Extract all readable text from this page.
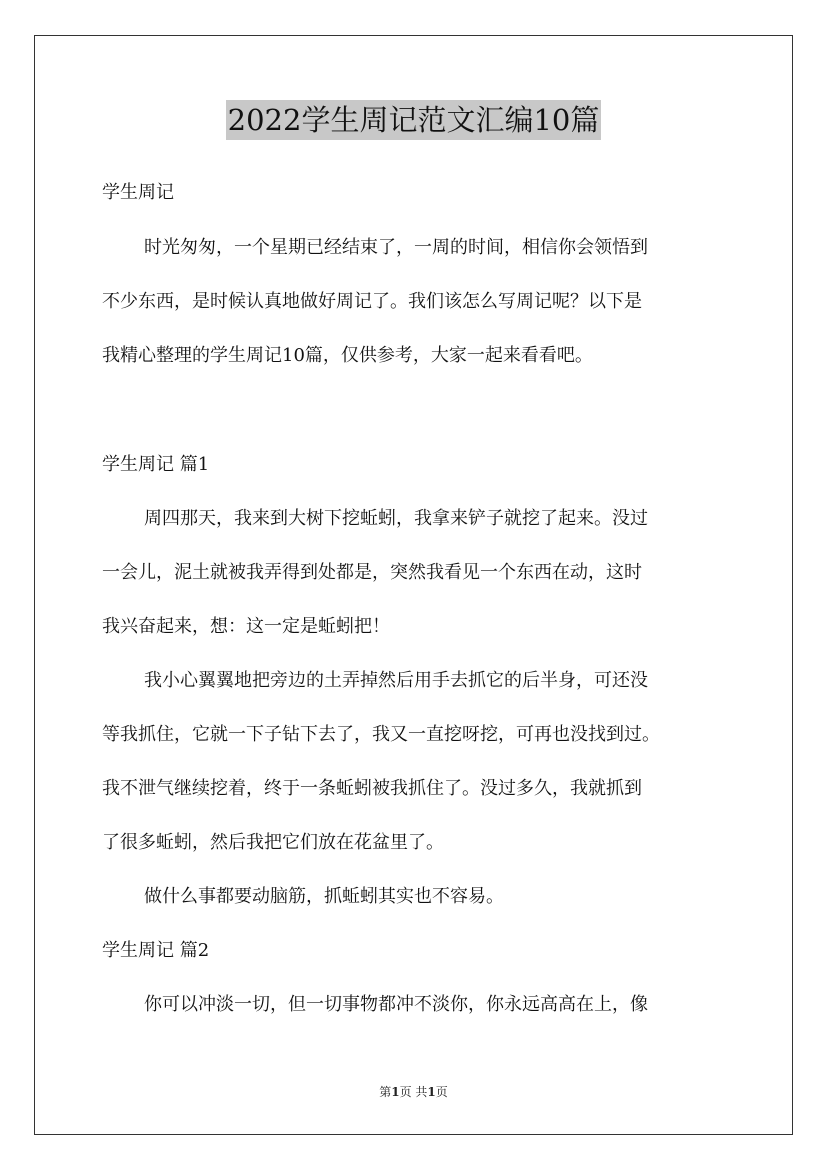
2022学生周记范文汇编10篇
学生周记
时光匆匆，一个星期已经结束了，一周的时间，相信你会领悟到
不少东西，是时候认真地做好周记了。我们该怎么写周记呢？以下是
我精心整理的学生周记10篇，仅供参考，大家一起来看看吧。
学生周记 篇1
周四那天，我来到大树下挖蚯蚓，我拿来铲子就挖了起来。没过
一会儿，泥土就被我弄得到处都是，突然我看见一个东西在动，这时
我兴奋起来，想：这一定是蚯蚓把！
我小心翼翼地把旁边的土弄掉然后用手去抓它的后半身，可还没
等我抓住，它就一下子钻下去了，我又一直挖呀挖，可再也没找到过。
我不泄气继续挖着，终于一条蚯蚓被我抓住了。没过多久，我就抓到
了很多蚯蚓，然后我把它们放在花盆里了。
做什么事都要动脑筋，抓蚯蚓其实也不容易。
学生周记 篇2
你可以冲淡一切，但一切事物都冲不淡你，你永远高高在上，像
第1页 共1页
